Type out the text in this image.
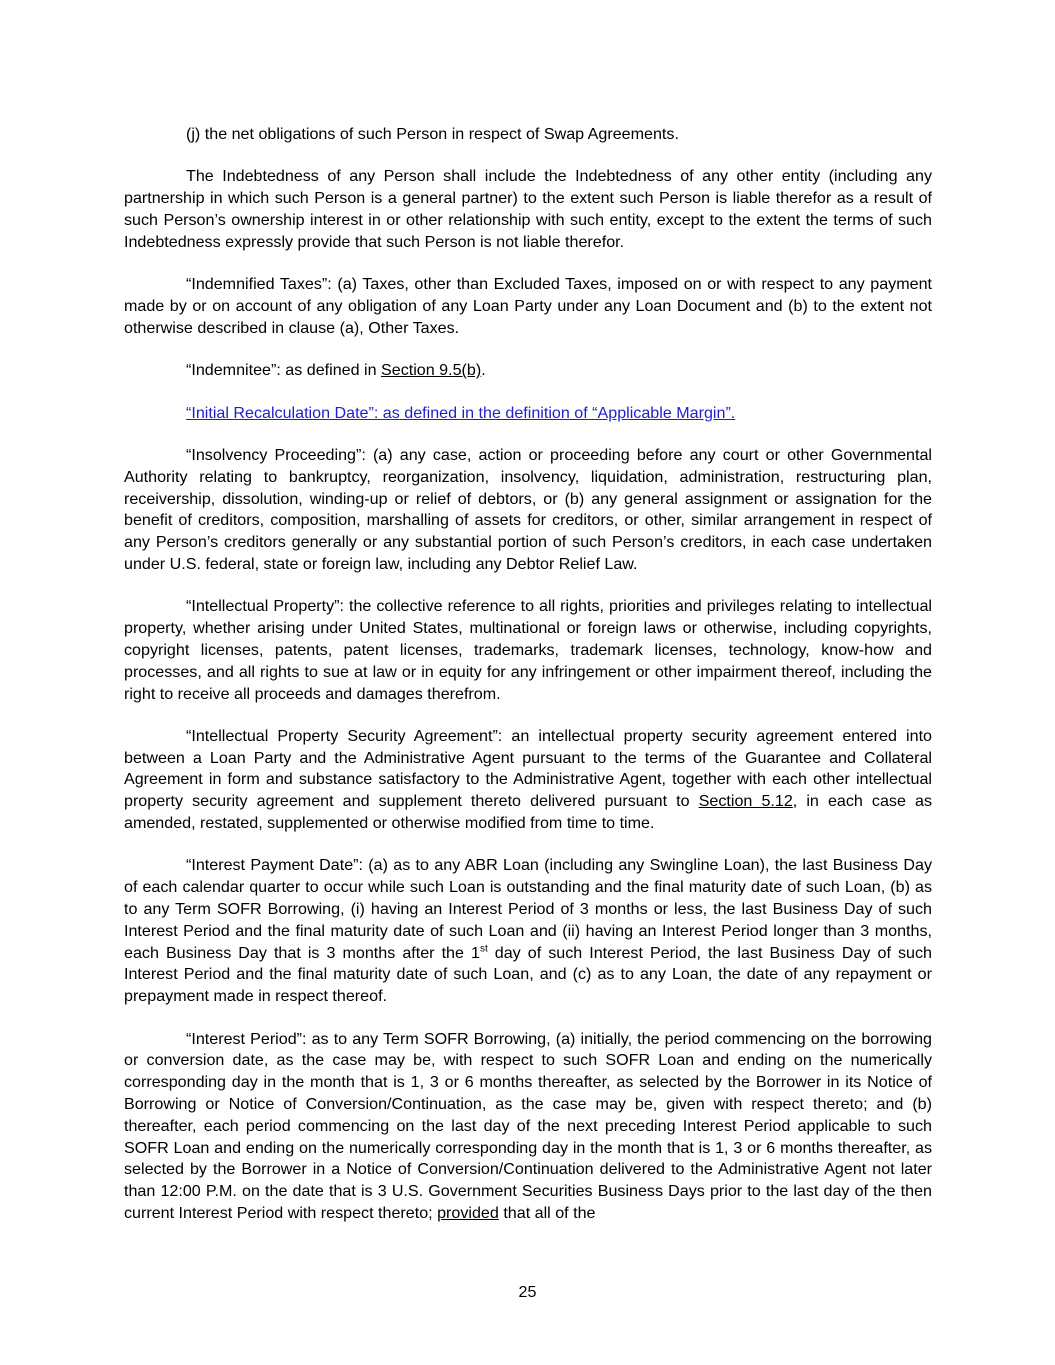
(j) the net obligations of such Person in respect of Swap Agreements.

The Indebtedness of any Person shall include the Indebtedness of any other entity (including any partnership in which such Person is a general partner) to the extent such Person is liable therefor as a result of such Person’s ownership interest in or other relationship with such entity, except to the extent the terms of such Indebtedness expressly provide that such Person is not liable therefor.

“Indemnified Taxes”: (a) Taxes, other than Excluded Taxes, imposed on or with respect to any payment made by or on account of any obligation of any Loan Party under any Loan Document and (b) to the extent not otherwise described in clause (a), Other Taxes.

“Indemnitee”: as defined in Section 9.5(b).

“Initial Recalculation Date”: as defined in the definition of “Applicable Margin”.

“Insolvency Proceeding”: (a) any case, action or proceeding before any court or other Governmental Authority relating to bankruptcy, reorganization, insolvency, liquidation, administration, restructuring plan, receivership, dissolution, winding-up or relief of debtors, or (b) any general assignment or assignation for the benefit of creditors, composition, marshalling of assets for creditors, or other, similar arrangement in respect of any Person’s creditors generally or any substantial portion of such Person’s creditors, in each case undertaken under U.S. federal, state or foreign law, including any Debtor Relief Law.

“Intellectual Property”: the collective reference to all rights, priorities and privileges relating to intellectual property, whether arising under United States, multinational or foreign laws or otherwise, including copyrights, copyright licenses, patents, patent licenses, trademarks, trademark licenses, technology, know-how and processes, and all rights to sue at law or in equity for any infringement or other impairment thereof, including the right to receive all proceeds and damages therefrom.

“Intellectual Property Security Agreement”: an intellectual property security agreement entered into between a Loan Party and the Administrative Agent pursuant to the terms of the Guarantee and Collateral Agreement in form and substance satisfactory to the Administrative Agent, together with each other intellectual property security agreement and supplement thereto delivered pursuant to Section 5.12, in each case as amended, restated, supplemented or otherwise modified from time to time.

“Interest Payment Date”: (a) as to any ABR Loan (including any Swingline Loan), the last Business Day of each calendar quarter to occur while such Loan is outstanding and the final maturity date of such Loan, (b) as to any Term SOFR Borrowing, (i) having an Interest Period of 3 months or less, the last Business Day of such Interest Period and the final maturity date of such Loan and (ii) having an Interest Period longer than 3 months, each Business Day that is 3 months after the 1st day of such Interest Period, the last Business Day of such Interest Period and the final maturity date of such Loan, and (c) as to any Loan, the date of any repayment or prepayment made in respect thereof.

“Interest Period”: as to any Term SOFR Borrowing, (a) initially, the period commencing on the borrowing or conversion date, as the case may be, with respect to such SOFR Loan and ending on the numerically corresponding day in the month that is 1, 3 or 6 months thereafter, as selected by the Borrower in its Notice of Borrowing or Notice of Conversion/Continuation, as the case may be, given with respect thereto; and (b) thereafter, each period commencing on the last day of the next preceding Interest Period applicable to such SOFR Loan and ending on the numerically corresponding day in the month that is 1, 3 or 6 months thereafter, as selected by the Borrower in a Notice of Conversion/Continuation delivered to the Administrative Agent not later than 12:00 P.M. on the date that is 3 U.S. Government Securities Business Days prior to the last day of the then current Interest Period with respect thereto; provided that all of the

25
